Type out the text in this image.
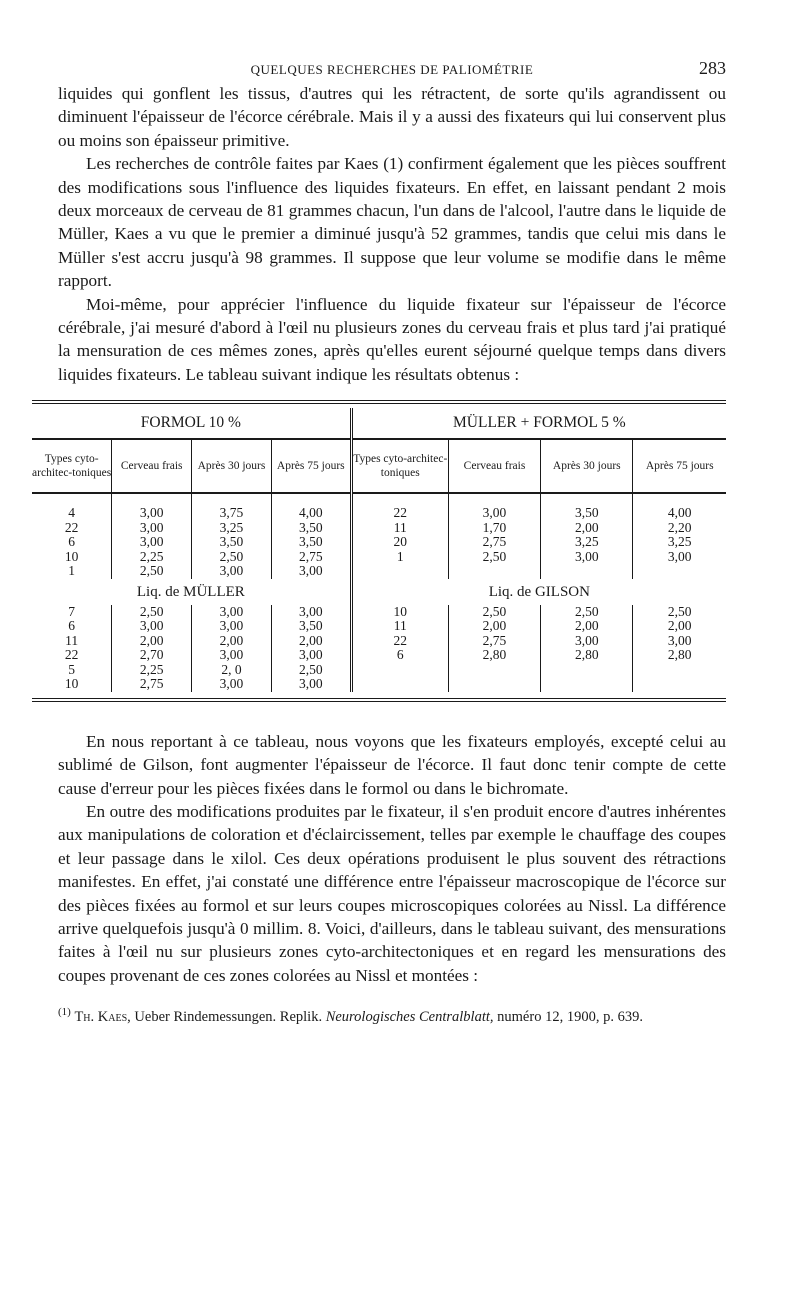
QUELQUES RECHERCHES DE PALIOMÉTRIE	283

liquides qui gonflent les tissus, d'autres qui les rétractent, de sorte qu'ils agrandissent ou diminuent l'épaisseur de l'écorce cérébrale. Mais il y a aussi des fixateurs qui lui conservent plus ou moins son épaisseur primitive.

Les recherches de contrôle faites par Kaes (1) confirment également que les pièces souffrent des modifications sous l'influence des liquides fixateurs. En effet, en laissant pendant 2 mois deux morceaux de cerveau de 81 grammes chacun, l'un dans de l'alcool, l'autre dans le liquide de Müller, Kaes a vu que le premier a diminué jusqu'à 52 grammes, tandis que celui mis dans le Müller s'est accru jusqu'à 98 grammes. Il suppose que leur volume se modifie dans le même rapport.

Moi-même, pour apprécier l'influence du liquide fixateur sur l'épaisseur de l'écorce cérébrale, j'ai mesuré d'abord à l'œil nu plusieurs zones du cerveau frais et plus tard j'ai pratiqué la mensuration de ces mêmes zones, après qu'elles eurent séjourné quelque temps dans divers liquides fixateurs. Le tableau suivant indique les résultats obtenus :

FORMOL 10 %				MÜLLER + FORMOL 5 %			
Types cyto-architec-toniques	Cerveau frais	Après 30 jours	Après 75 jours	Types cyto-architec-toniques	Cerveau frais	Après 30 jours	Après 75 jours

4	3,00	3,75	4,00	22	3,00	3,50	4,00
22	3,00	3,25	3,50	11	1,70	2,00	2,20
6	3,00	3,50	3,50	20	2,75	3,25	3,25
10	2,25	2,50	2,75	1	2,50	3,00	3,00
1	2,50	3,00	3,00				
Liq. de MÜLLER				Liq. de GILSON			
7	2,50	3,00	3,00	10	2,50	2,50	2,50
6	3,00	3,00	3,50	11	2,00	2,00	2,00
11	2,00	2,00	2,00	22	2,75	3,00	3,00
22	2,70	3,00	3,00	6	2,80	2,80	2,80
5	2,25	2, 0	2,50				
10	2,75	3,00	3,00				

En nous reportant à ce tableau, nous voyons que les fixateurs employés, excepté celui au sublimé de Gilson, font augmenter l'épaisseur de l'écorce. Il faut donc tenir compte de cette cause d'erreur pour les pièces fixées dans le formol ou dans le bichromate.

En outre des modifications produites par le fixateur, il s'en produit encore d'autres inhérentes aux manipulations de coloration et d'éclaircissement, telles par exemple le chauffage des coupes et leur passage dans le xilol. Ces deux opérations produisent le plus souvent des rétractions manifestes. En effet, j'ai constaté une différence entre l'épaisseur macroscopique de l'écorce sur des pièces fixées au formol et sur leurs coupes microscopiques colorées au Nissl. La différence arrive quelquefois jusqu'à 0 millim. 8. Voici, d'ailleurs, dans le tableau suivant, des mensurations faites à l'œil nu sur plusieurs zones cyto-architectoniques et en regard les mensurations des coupes provenant de ces zones colorées au Nissl et montées :

$^{(1)}$ Th. Kaes, Ueber Rindemessungen. Replik. Neurologisches Centralblatt, numéro 12, 1900, p. 639.
